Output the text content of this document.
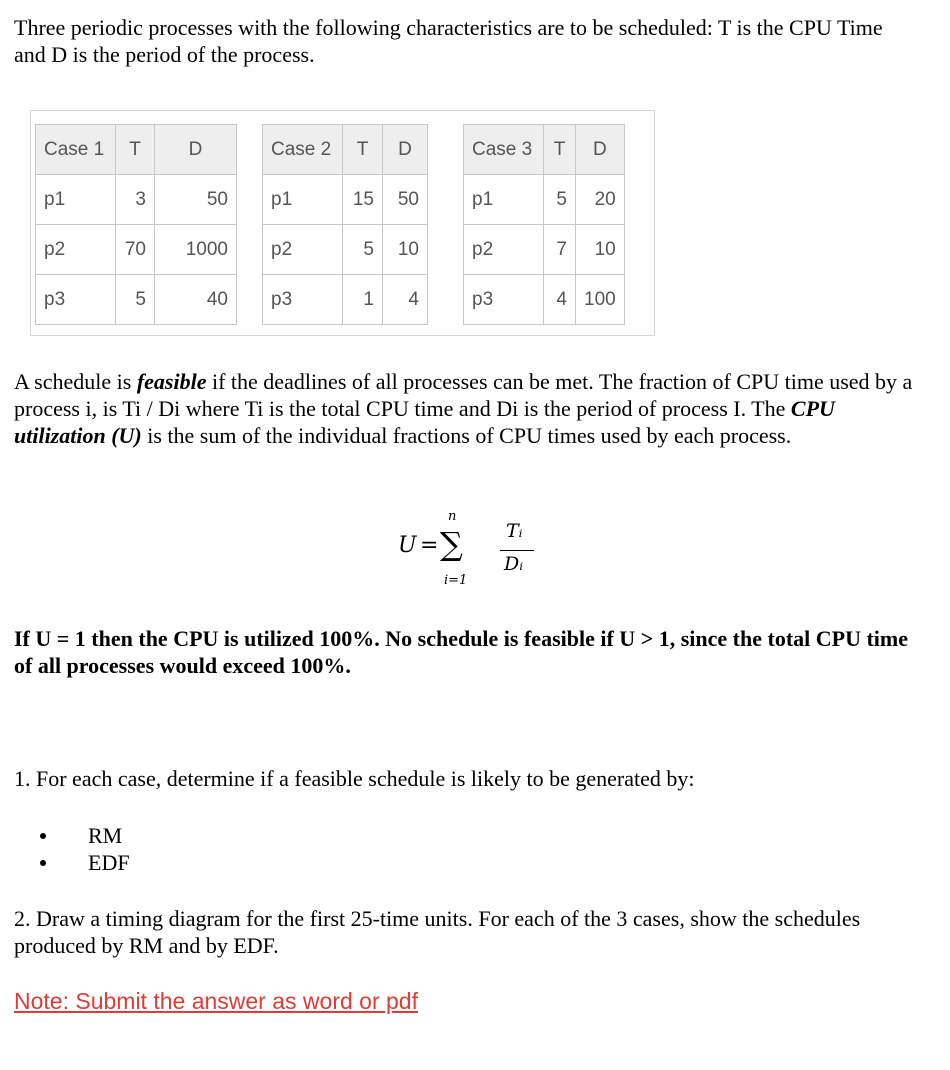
Three periodic processes with the following characteristics are to be scheduled: T is the CPU Time and D is the period of the process.

Case 1	T	D
p1	3	50
p2	70	1000
p3	5	40
Case 2	T	D
p1	15	50
p2	5	10
p3	1	4
Case 3	T	D
p1	5	20
p2	7	10
p3	4	100

A schedule is feasible if the deadlines of all processes can be met. The fraction of CPU time used by a process i, is Ti / Di where Ti is the total CPU time and Di is the period of process I. The CPU utilization (U) is the sum of the individual fractions of CPU times used by each process.

U = ∑
n
i=1
Tᵢ
Dᵢ

If U = 1 then the CPU is utilized 100%. No schedule is feasible if U > 1, since the total CPU time of all processes would exceed 100%.

1. For each case, determine if a feasible schedule is likely to be generated by:

RM
EDF

2. Draw a timing diagram for the first 25-time units. For each of the 3 cases, show the schedules produced by RM and by EDF.

Note: Submit the answer as word or pdf
